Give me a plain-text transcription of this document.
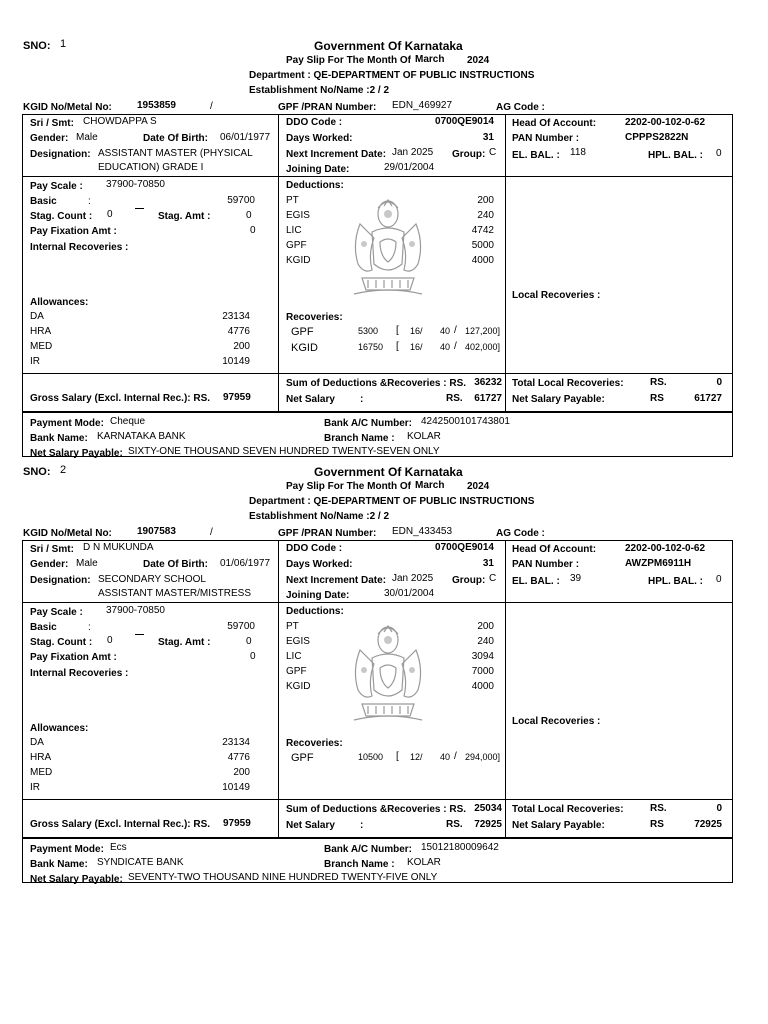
SNO: 1	Government Of Karnataka
Pay Slip For The Month Of March 2024
Department : QE-DEPARTMENT OF PUBLIC INSTRUCTIONS
Establishment No/Name :2 / 2
KGID No/Metal No:	1953859	/	GPF /PRAN Number: EDN_469927	AG Code :
Sri / Smt: CHOWDAPPA S
Gender: Male	Date Of Birth: 06/01/1977
Designation: ASSISTANT MASTER (PHYSICAL
EDUCATION) GRADE I
DDO Code :	0700QE9014
Days Worked:	31
Next Increment Date: Jan 2025 Group: C
Joining Date:	29/01/2004
Head Of Account:	2202-00-102-0-62
PAN Number :	CPPPS2822N
EL. BAL. : 118	HPL. BAL. : 0
Pay Scale : 37900-70850
Basic	:	59700
Stag. Count : 0	Stag. Amt :	0
Pay Fixation Amt :	0
Internal Recoveries :
Allowances:
DA	23134
HRA	4776
MED	200
IR	10149
Deductions:
PT	200
EGIS	240
LIC	4742
GPF	5000
KGID	4000
Recoveries:
GPF	5300 [ 16/ 40 / 127,200]
KGID	16750 [ 16/ 40 / 402,000]
Local Recoveries :
Sum of Deductions &Recoveries : RS. 36232 Total Local Recoveries:	RS.	0
Gross Salary (Excl. Internal Rec.): RS. 97959	Net Salary	:	RS.	61727 Net Salary Payable:	RS	61727
Payment Mode: Cheque	Bank A/C Number: 4242500101743801
Bank Name: KARNATAKA BANK	Branch Name : KOLAR
Net Salary Payable: SIXTY-ONE THOUSAND SEVEN HUNDRED TWENTY-SEVEN ONLY
SNO: 2	Government Of Karnataka
Pay Slip For The Month Of March 2024
Department : QE-DEPARTMENT OF PUBLIC INSTRUCTIONS
Establishment No/Name :2 / 2
KGID No/Metal No:	1907583	/	GPF /PRAN Number: EDN_433453	AG Code :
Sri / Smt: D N MUKUNDA
Gender: Male	Date Of Birth: 01/06/1977
Designation: SECONDARY SCHOOL
ASSISTANT MASTER/MISTRESS
DDO Code :	0700QE9014
Days Worked:	31
Next Increment Date: Jan 2025 Group: C
Joining Date:	30/01/2004
Head Of Account:	2202-00-102-0-62
PAN Number :	AWZPM6911H
EL. BAL. : 39	HPL. BAL. : 0
Pay Scale : 37900-70850
Basic	:	59700
Stag. Count : 0	Stag. Amt :	0
Pay Fixation Amt :	0
Internal Recoveries :
Allowances:
DA	23134
HRA	4776
MED	200
IR	10149
Deductions:
PT	200
EGIS	240
LIC	3094
GPF	7000
KGID	4000
Recoveries:
GPF	10500 [ 12/ 40 / 294,000]
Local Recoveries :
Sum of Deductions &Recoveries : RS. 25034 Total Local Recoveries:	RS.	0
Gross Salary (Excl. Internal Rec.): RS. 97959	Net Salary	:	RS.	72925 Net Salary Payable:	RS	72925
Payment Mode: Ecs	Bank A/C Number: 15012180009642
Bank Name: SYNDICATE BANK	Branch Name : KOLAR
Net Salary Payable: SEVENTY-TWO THOUSAND NINE HUNDRED TWENTY-FIVE ONLY
